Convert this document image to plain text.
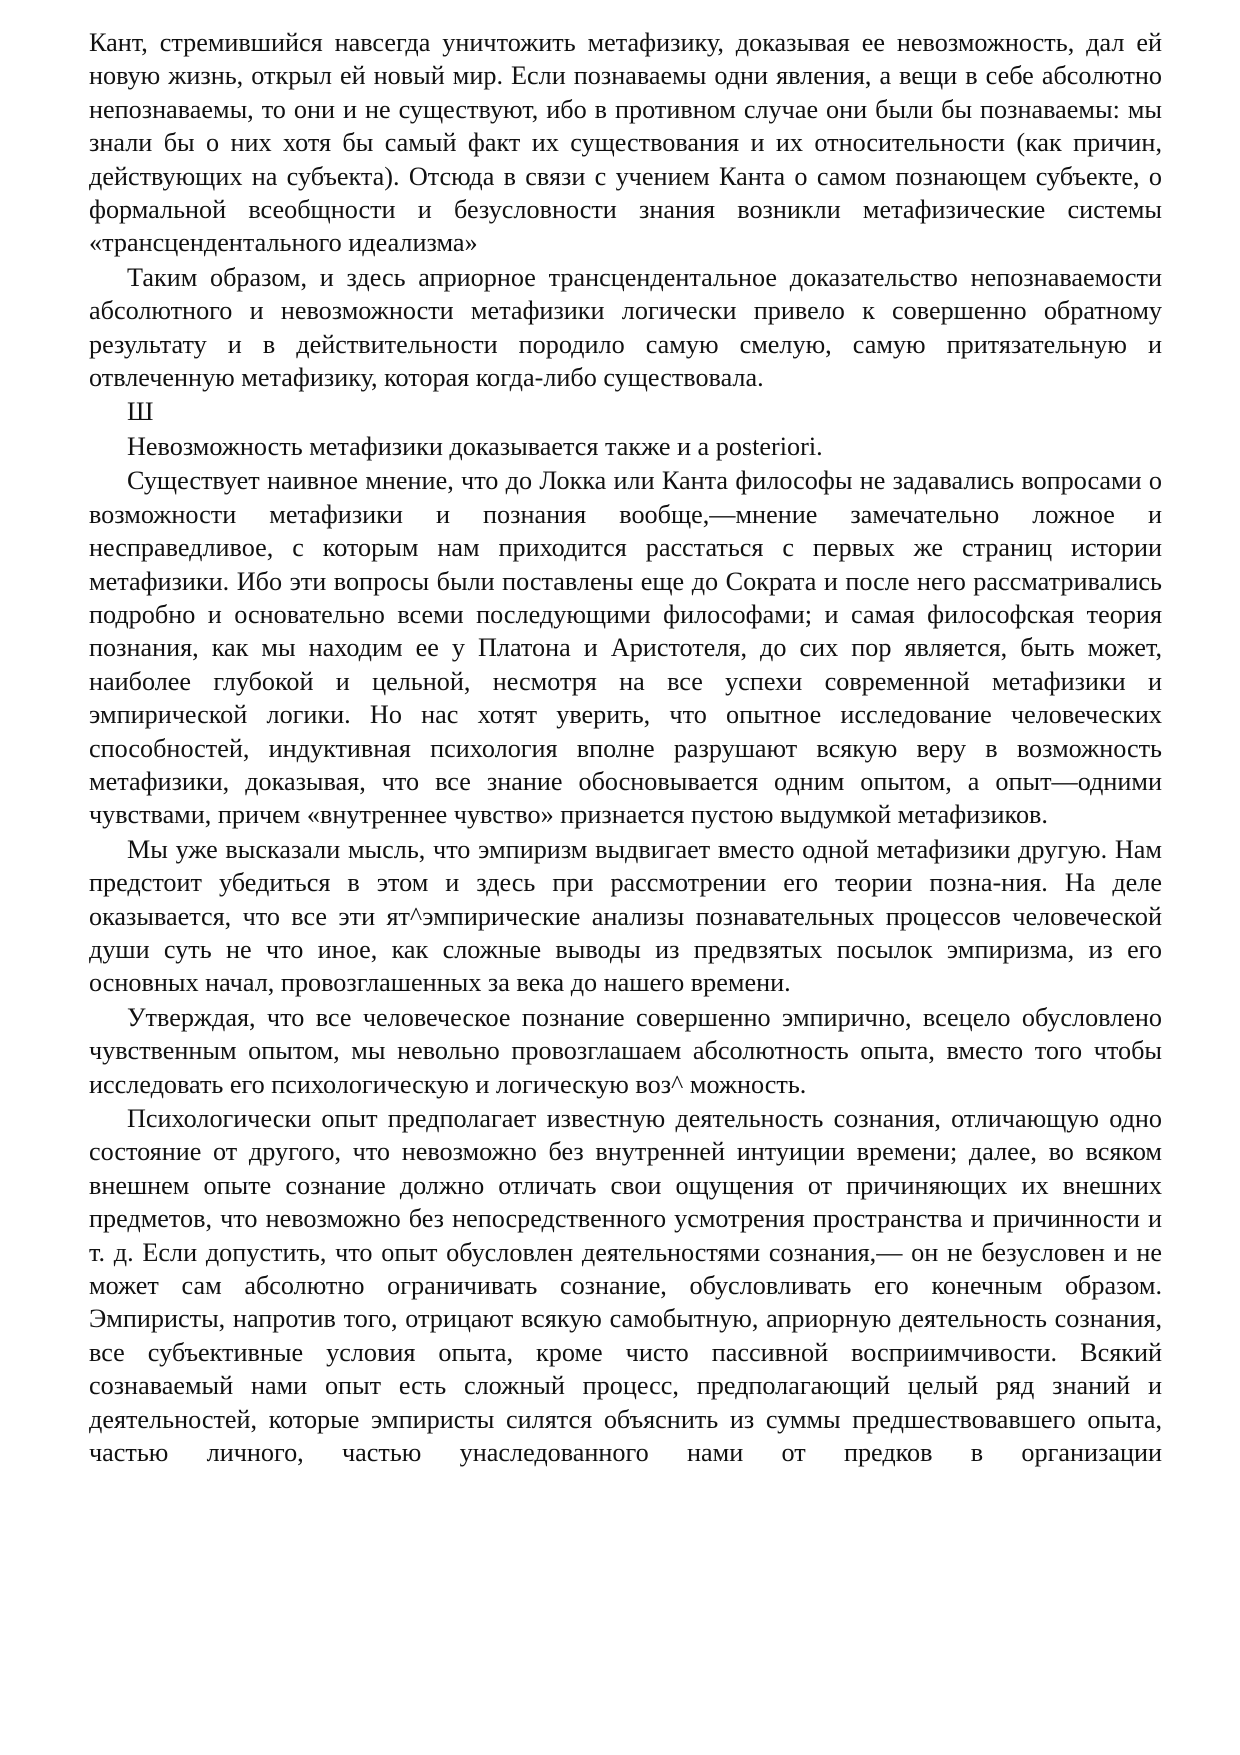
Кант, стремившийся навсегда уничтожить метафизику, доказывая ее невозможность, дал ей новую жизнь, открыл ей новый мир. Если познаваемы одни явления, а вещи в себе абсолютно непознаваемы, то они и не существуют, ибо в противном случае они были бы познаваемы: мы знали бы о них хотя бы самый факт их существования и их относительности (как причин, действующих на субъекта). Отсюда в связи с учением Канта о самом познающем субъекте, о формальной всеобщности и безусловности знания возникли метафизические системы «трансцендентального идеализма»

Таким образом, и здесь априорное трансцендентальное доказательство непознаваемости абсолютного и невозможности метафизики логически привело к совершенно обратному результату и в действительности породило самую смелую, самую притязательную и отвлеченную метафизику, которая когда-либо существовала.

Ш

Невозможность метафизики доказывается также и a posteriori.

Существует наивное мнение, что до Локка или Канта философы не задавались вопросами о возможности метафизики и познания вообще,—мнение замечательно ложное и несправедливое, с которым нам приходится расстаться с первых же страниц истории метафизики. Ибо эти вопросы были поставлены еще до Сократа и после него рассматривались подробно и основательно всеми последующими философами; и самая философская теория познания, как мы находим ее у Платона и Аристотеля, до сих пор является, быть может, наиболее глубокой и цельной, несмотря на все успехи современной метафизики и эмпирической логики. Но нас хотят уверить, что опытное исследование человеческих способностей, индуктивная психология вполне разрушают всякую веру в возможность метафизики, доказывая, что все знание обосновывается одним опытом, а опыт—одними чувствами, причем «внутреннее чувство» признается пустою выдумкой метафизиков.

Мы уже высказали мысль, что эмпиризм выдвигает вместо одной метафизики другую. Нам предстоит убедиться в этом и здесь при рассмотрении его теории позна-ния. На деле оказывается, что все эти ят^эмпирические анализы познавательных процессов человеческой души суть не что иное, как сложные выводы из предвзятых посылок эмпиризма, из его основных начал, провозглашенных за века до нашего времени.

Утверждая, что все человеческое познание совершенно эмпирично, всецело обусловлено чувственным опытом, мы невольно провозглашаем абсолютность опыта, вместо того чтобы исследовать его психологическую и логическую воз^ можность.

Психологически опыт предполагает известную деятельность сознания, отличающую одно состояние от другого, что невозможно без внутренней интуиции времени; далее, во всяком внешнем опыте сознание должно отличать свои ощущения от причиняющих их внешних предметов, что невозможно без непосредственного усмотрения пространства и причинности и т. д. Если допустить, что опыт обусловлен деятельностями сознания,— он не безусловен и не может сам абсолютно ограничивать сознание, обусловливать его конечным образом. Эмпиристы, напротив того, отрицают всякую самобытную, априорную деятельность сознания, все субъективные условия опыта, кроме чисто пассивной восприимчивости. Всякий сознаваемый нами опыт есть сложный процесс, предполагающий целый ряд знаний и деятельностей, которые эмпиристы силятся объяснить из суммы предшествовавшего опыта, частью личного, частью унаследованного нами от предков в организации
